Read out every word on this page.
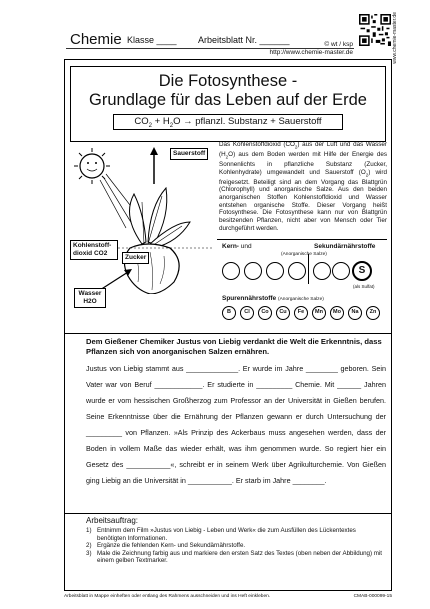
Chemie Klasse ____ Arbeitsblatt Nr. ______	© wt / ksp
http://www.chemie-master.de	www.chemie-master.de
Die Fotosynthese -
Grundlage für das Leben auf der Erde
$CO_2 + H_2O$ → pflanzl. Substanz + Sauerstoff
Sauerstoff
Kohlenstoff-dioxid CO2
Zucker
Wasser
H2O
Das Kohlenstoffdioxid $(CO_2)$ aus der Luft und das Wasser $(H_2O)$ aus dem Boden werden mit Hilfe der Energie des Sonnenlichts in pflanzliche Substanz (Zucker, Kohlenhydrate) umgewandelt und Sauerstoff $(O_2)$ wird freigesetzt. Beteiligt sind an dem Vorgang das Blattgrün (Chlorophyll) und anorganische Salze. Aus den beiden anorganischen Stoffen Kohlenstoffdioxid und Wasser entstehen organische Stoffe. Dieser Vorgang heißt Fotosynthese. Die Fotosynthese kann nur von Blattgrün besitzenden Pflanzen, nicht aber von Mensch oder Tier durchgeführt werden.
Kern- und	Sekundärnährstoffe
(Anorganische Salze)
S
(als Sulfat)
Spurennährstoffe (Anorganische Salze)
B	Cl	Co	Cu	Fe	Mn	Mo	Na	Zn
Dem Gießener Chemiker Justus von Liebig verdankt die Welt die Erkenntnis, dass Pflanzen sich von anorganischen Salzen ernähren.
Justus von Liebig stammt aus _____________. Er wurde im Jahre ________ geboren. Sein Vater war von Beruf ____________. Er studierte in _________ Chemie. Mit ______ Jahren wurde er vom hessischen Großherzog zum Professor an der Universität in Gießen berufen. Seine Erkenntnisse über die Ernährung der Pflanzen gewann er durch Untersuchung der _________ von Pflanzen. »Als Prinzip des Ackerbaus muss angesehen werden, dass der Boden in vollem Maße das wieder erhält, was ihm genommen wurde. So regiert hier ein Gesetz des ___________«, schreibt er in seinem Werk über Agrikulturchemie. Von Gießen ging Liebig an die Universität in ___________. Er starb im Jahre ________.
Arbeitsauftrag:
1) Entnimm dem Film »Justus von Liebig - Leben und Werk« die zum Ausfüllen des Lückentextes benötigten Informationen.
2) Ergänze die fehlenden Kern- und Sekundärnährstoffe.
3) Male die Zeichnung farbig aus und markiere den ersten Satz des Textes (oben neben der Abbildung) mit einem gelben Textmarker.
Arbeitsblatt in Mappe einheften oder entlang des Rahmens ausschneiden und ins Heft einkleben.	CMAB-000099-15
